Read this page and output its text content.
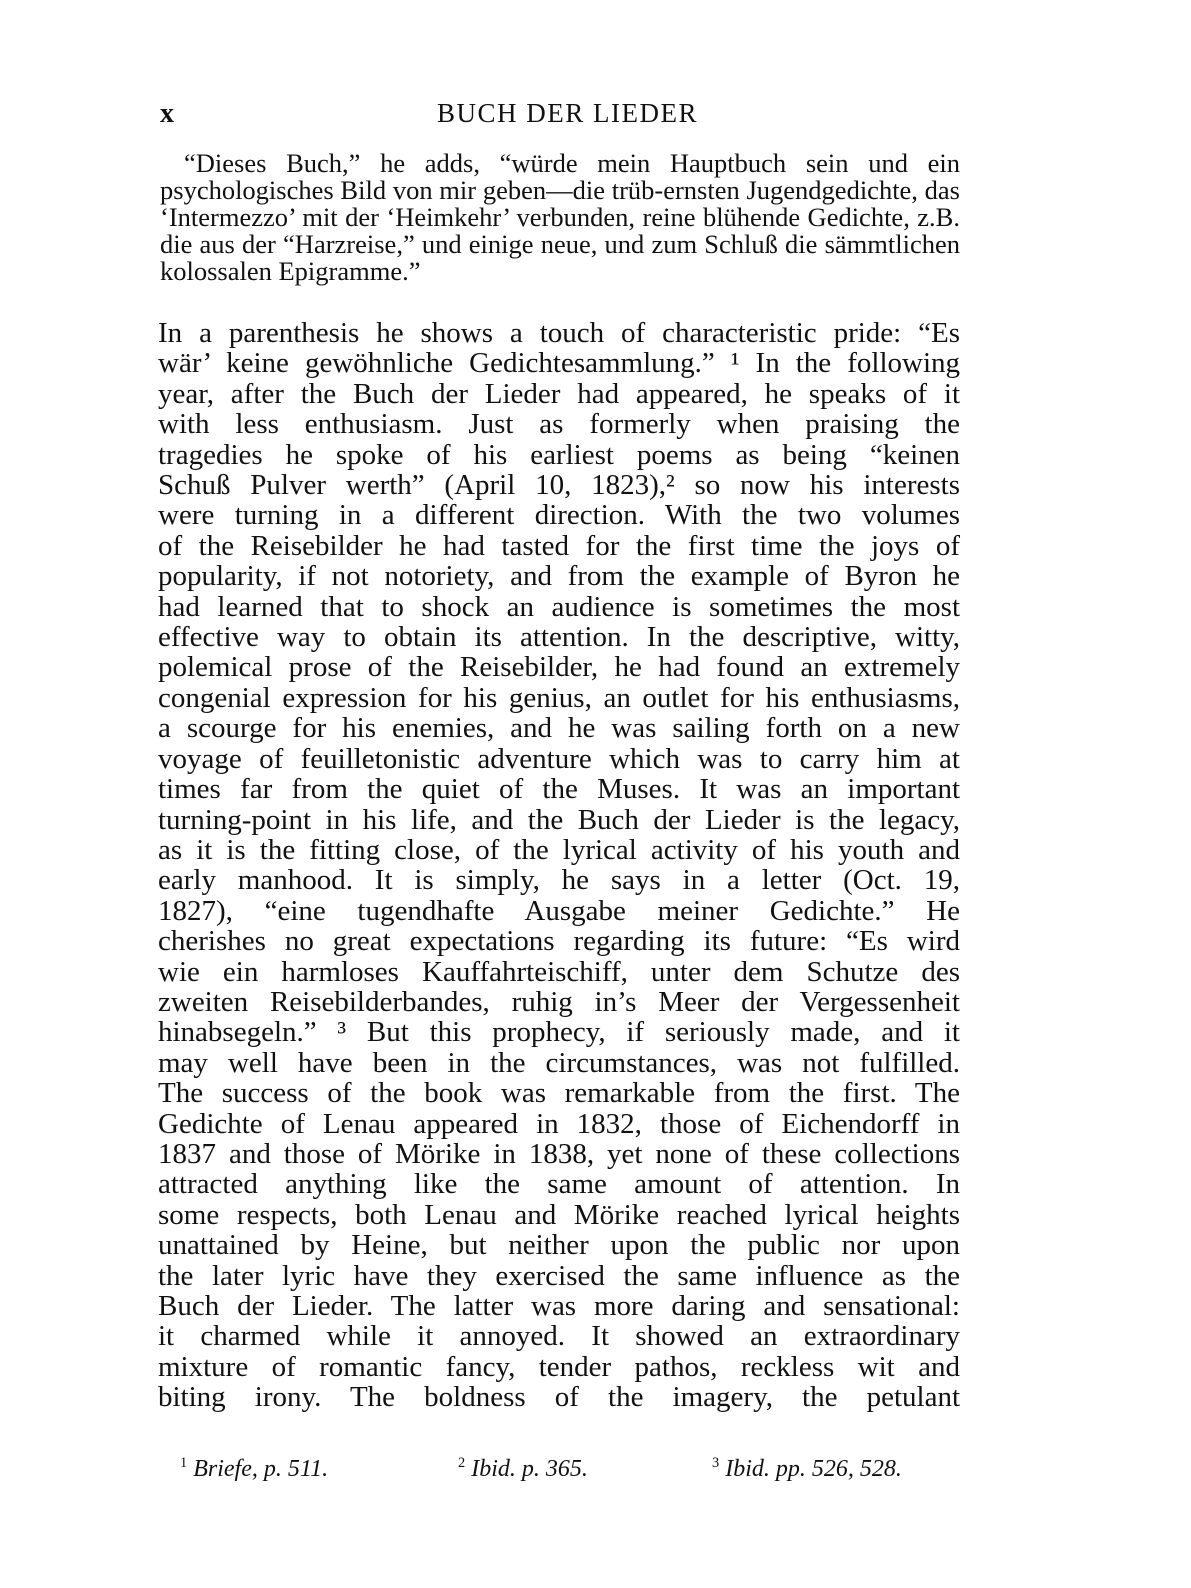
x	BUCH DER LIEDER
“Dieses Buch,” he adds, “würde mein Hauptbuch sein und ein psychologisches Bild von mir geben—die trüb-ernsten Jugendgedichte, das ‘Intermezzo’ mit der ‘Heimkehr’ verbunden, reine blühende Gedichte, z.B. die aus der “Harzreise,” und einige neue, und zum Schluß die sämmtlichen kolossalen Epigramme.”
In a parenthesis he shows a touch of characteristic pride: “Es
wär’ keine gewöhnliche Gedichtesammlung.” ¹ In the following
year, after the Buch der Lieder had appeared, he speaks of it
with less enthusiasm. Just as formerly when praising the
tragedies he spoke of his earliest poems as being “keinen
Schuß Pulver werth” (April 10, 1823),² so now his interests
were turning in a different direction. With the two volumes
of the Reisebilder he had tasted for the first time the joys of
popularity, if not notoriety, and from the example of Byron he
had learned that to shock an audience is sometimes the most
effective way to obtain its attention. In the descriptive, witty,
polemical prose of the Reisebilder, he had found an extremely
congenial expression for his genius, an outlet for his enthusiasms,
a scourge for his enemies, and he was sailing forth on a new
voyage of feuilletonistic adventure which was to carry him at
times far from the quiet of the Muses. It was an important
turning-point in his life, and the Buch der Lieder is the legacy,
as it is the fitting close, of the lyrical activity of his youth and
early manhood. It is simply, he says in a letter (Oct. 19,
1827), “eine tugendhafte Ausgabe meiner Gedichte.” He
cherishes no great expectations regarding its future: “Es wird
wie ein harmloses Kauffahrteischiff, unter dem Schutze des
zweiten Reisebilderbandes, ruhig in’s Meer der Vergessenheit
hinabsegeln.” ³ But this prophecy, if seriously made, and it
may well have been in the circumstances, was not fulfilled.
The success of the book was remarkable from the first. The
Gedichte of Lenau appeared in 1832, those of Eichendorff in
1837 and those of Mörike in 1838, yet none of these collections
attracted anything like the same amount of attention. In
some respects, both Lenau and Mörike reached lyrical heights
unattained by Heine, but neither upon the public nor upon
the later lyric have they exercised the same influence as the
Buch der Lieder. The latter was more daring and sensational:
it charmed while it annoyed. It showed an extraordinary
mixture of romantic fancy, tender pathos, reckless wit and
biting irony. The boldness of the imagery, the petulant
$^1$ Briefe, p. 511.	$^2$ Ibid. p. 365.	$^3$ Ibid. pp. 526, 528.
